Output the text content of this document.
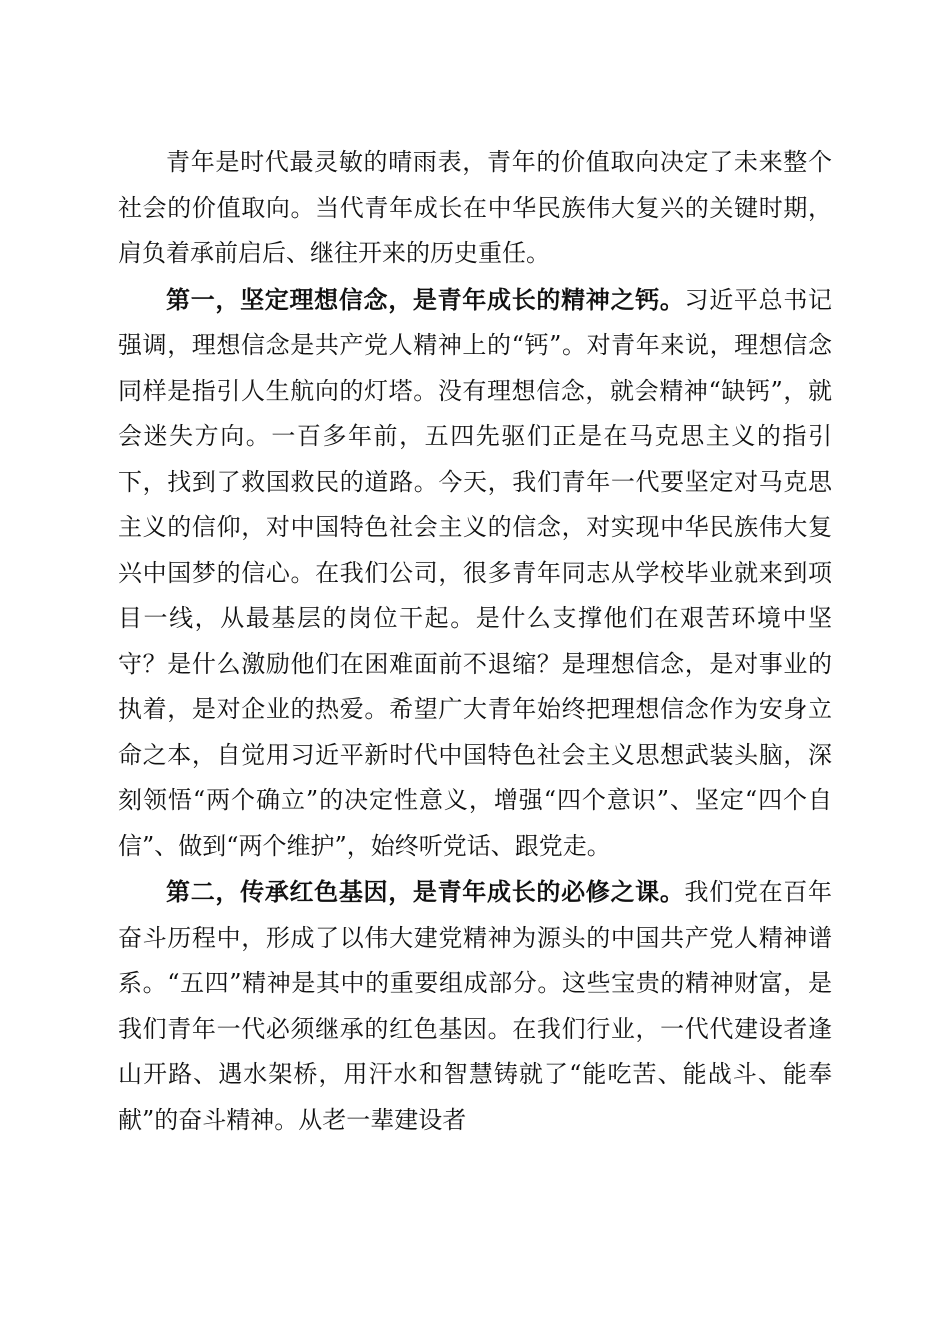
青年是时代最灵敏的晴雨表，青年的价值取向决定了未来整个社会的价值取向。当代青年成长在中华民族伟大复兴的关键时期，肩负着承前启后、继往开来的历史重任。

第一，坚定理想信念，是青年成长的精神之钙。习近平总书记强调，理想信念是共产党人精神上的“钙”。对青年来说，理想信念同样是指引人生航向的灯塔。没有理想信念，就会精神“缺钙”，就会迷失方向。一百多年前，五四先驱们正是在马克思主义的指引下，找到了救国救民的道路。今天，我们青年一代要坚定对马克思主义的信仰，对中国特色社会主义的信念，对实现中华民族伟大复兴中国梦的信心。在我们公司，很多青年同志从学校毕业就来到项目一线，从最基层的岗位干起。是什么支撑他们在艰苦环境中坚守？是什么激励他们在困难面前不退缩？是理想信念，是对事业的执着，是对企业的热爱。希望广大青年始终把理想信念作为安身立命之本，自觉用习近平新时代中国特色社会主义思想武装头脑，深刻领悟“两个确立”的决定性意义，增强“四个意识”、坚定“四个自信”、做到“两个维护”，始终听党话、跟党走。

第二，传承红色基因，是青年成长的必修之课。我们党在百年奋斗历程中，形成了以伟大建党精神为源头的中国共产党人精神谱系。“五四”精神是其中的重要组成部分。这些宝贵的精神财富，是我们青年一代必须继承的红色基因。在我们行业，一代代建设者逢山开路、遇水架桥，用汗水和智慧铸就了“能吃苦、能战斗、能奉献”的奋斗精神。从老一辈建设者
